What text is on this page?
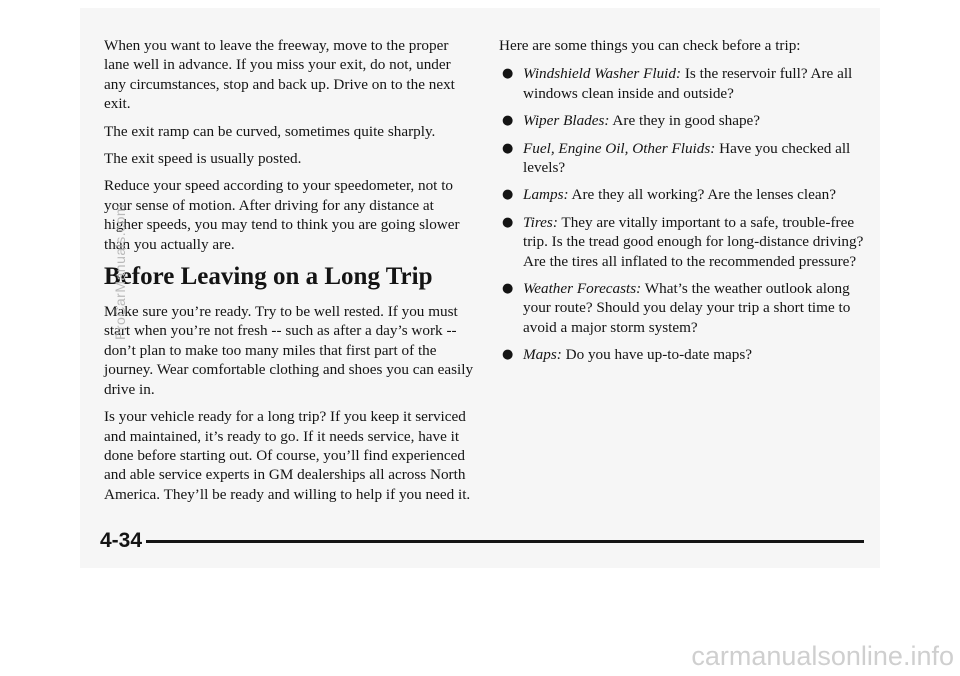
When you want to leave the freeway, move to the proper lane well in advance. If you miss your exit, do not, under any circumstances, stop and back up. Drive on to the next exit.

The exit ramp can be curved, sometimes quite sharply.

The exit speed is usually posted.

Reduce your speed according to your speedometer, not to your sense of motion. After driving for any distance at higher speeds, you may tend to think you are going slower than you actually are.

Before Leaving on a Long Trip

Make sure you’re ready. Try to be well rested. If you must start when you’re not fresh -- such as after a day’s work -- don’t plan to make too many miles that first part of the journey. Wear comfortable clothing and shoes you can easily drive in.

Is your vehicle ready for a long trip? If you keep it serviced and maintained, it’s ready to go. If it needs service, have it done before starting out. Of course, you’ll find experienced and able service experts in GM dealerships all across North America. They’ll be ready and willing to help if you need it.

Here are some things you can check before a trip:

● Windshield Washer Fluid: Is the reservoir full? Are all windows clean inside and outside?
● Wiper Blades: Are they in good shape?
● Fuel, Engine Oil, Other Fluids: Have you checked all levels?
● Lamps: Are they all working? Are the lenses clean?
● Tires: They are vitally important to a safe, trouble-free trip. Is the tread good enough for long-distance driving? Are the tires all inflated to the recommended pressure?
● Weather Forecasts: What’s the weather outlook along your route? Should you delay your trip a short time to avoid a major storm system?
● Maps: Do you have up-to-date maps?
4-34
ProCarManuals.com
carmanualsonline.info
